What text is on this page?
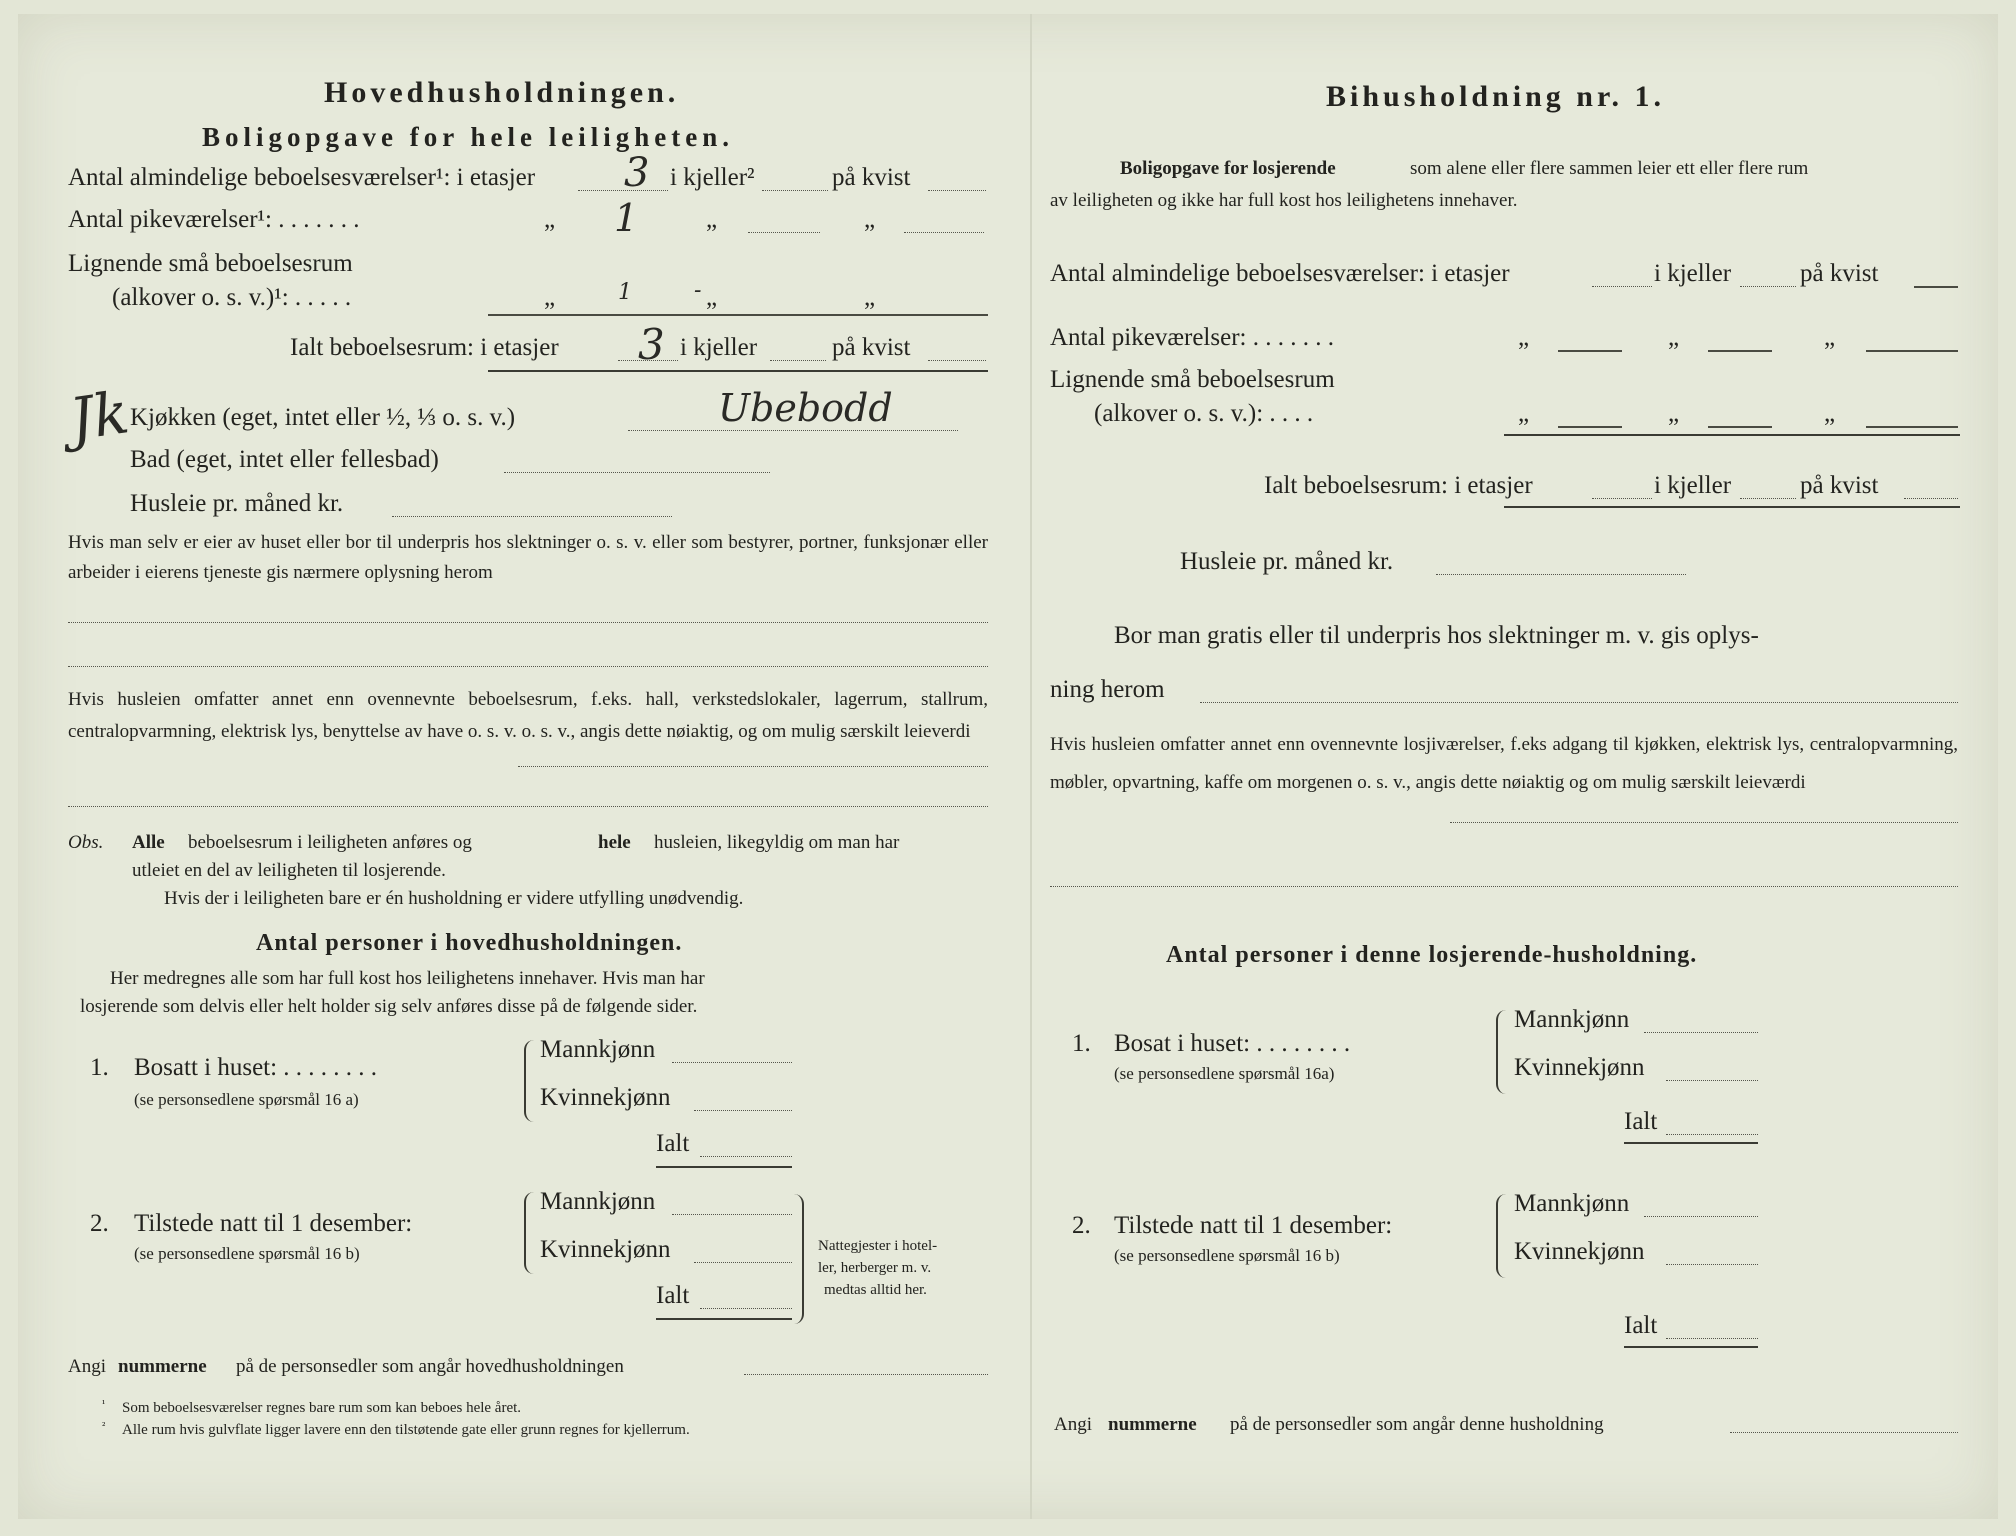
Hovedhusholdningen.
Boligopgave for hele leiligheten.
Antal almindelige beboelsesværelser¹: i etasjer 3 i kjeller²	på kvist
Antal pikeværelser¹: . . . . . . .	„ 1	„	„
Lignende små beboelsesrum
(alkover o. s. v.)¹: . . . . .	„	1	- „	„
Ialt beboelsesrum: i etasjer 3 i kjeller	på kvist
Jk
Kjøkken (eget, intet eller ½, ⅓ o. s. v.)	Ubebodd
Bad (eget, intet eller fellesbad)
Husleie pr. måned kr.
Hvis man selv er eier av huset eller bor til underpris hos slektninger o. s. v. eller som bestyrer, portner, funksjonær eller arbeider i eierens tjeneste gis nærmere oplysning herom
Hvis husleien omfatter annet enn ovennevnte beboelsesrum, f.eks. hall, verkstedslokaler, lagerrum, stallrum, centralopvarmning, elektrisk lys, benyttelse av have o. s. v. o. s. v., angis dette nøiaktig, og om mulig særskilt leieverdi
Obs. Alle beboelsesrum i leiligheten anføres og	hele husleien, likegyldig om man har
utleiet en del av leiligheten til losjerende.
Hvis der i leiligheten bare er én husholdning er videre utfylling unødvendig.
Antal personer i hovedhusholdningen.
Her medregnes alle som har full kost hos leilighetens innehaver. Hvis man har
losjerende som delvis eller helt holder sig selv anføres disse på de følgende sider.
1. Bosatt i huset: . . . . . . . .
(se personsedlene spørsmål 16 a)
Mannkjønn
Kvinnekjønn
Ialt
2. Tilstede natt til 1 desember:
(se personsedlene spørsmål 16 b)
Mannkjønn
Kvinnekjønn
Ialt
Nattegjester i hotel-
ler, herberger m. v.
medtas alltid her.
Angi nummerne på de personsedler som angår hovedhusholdningen
¹ Som beboelsesværelser regnes bare rum som kan beboes hele året.
² Alle rum hvis gulvflate ligger lavere enn den tilstøtende gate eller grunn regnes for kjellerrum.
Bihusholdning nr. 1.
Boligopgave for losjerende	som alene eller flere sammen leier ett eller flere rum
av leiligheten og ikke har full kost hos leilighetens innehaver.
Antal almindelige beboelsesværelser: i etasjer	i kjeller	på kvist
Antal pikeværelser: . . . . . . .	„	„	„
Lignende små beboelsesrum
(alkover o. s. v.): . . . .	„	„	„
Ialt beboelsesrum: i etasjer	i kjeller	på kvist
Husleie pr. måned kr.
Bor man gratis eller til underpris hos slektninger m. v. gis oplys-
ning herom
Hvis husleien omfatter annet enn ovennevnte losjiværelser, f.eks adgang til kjøkken, elektrisk lys, centralopvarmning, møbler, opvartning, kaffe om morgenen o. s. v., angis dette nøiaktig og om mulig særskilt leieværdi
Antal personer i denne losjerende-husholdning.
1. Bosat i huset: . . . . . . . .
(se personsedlene spørsmål 16a)
Mannkjønn
Kvinnekjønn
Ialt
2. Tilstede natt til 1 desember:
(se personsedlene spørsmål 16 b)
Mannkjønn
Kvinnekjønn
Ialt
Angi nummerne på de personsedler som angår denne husholdning
